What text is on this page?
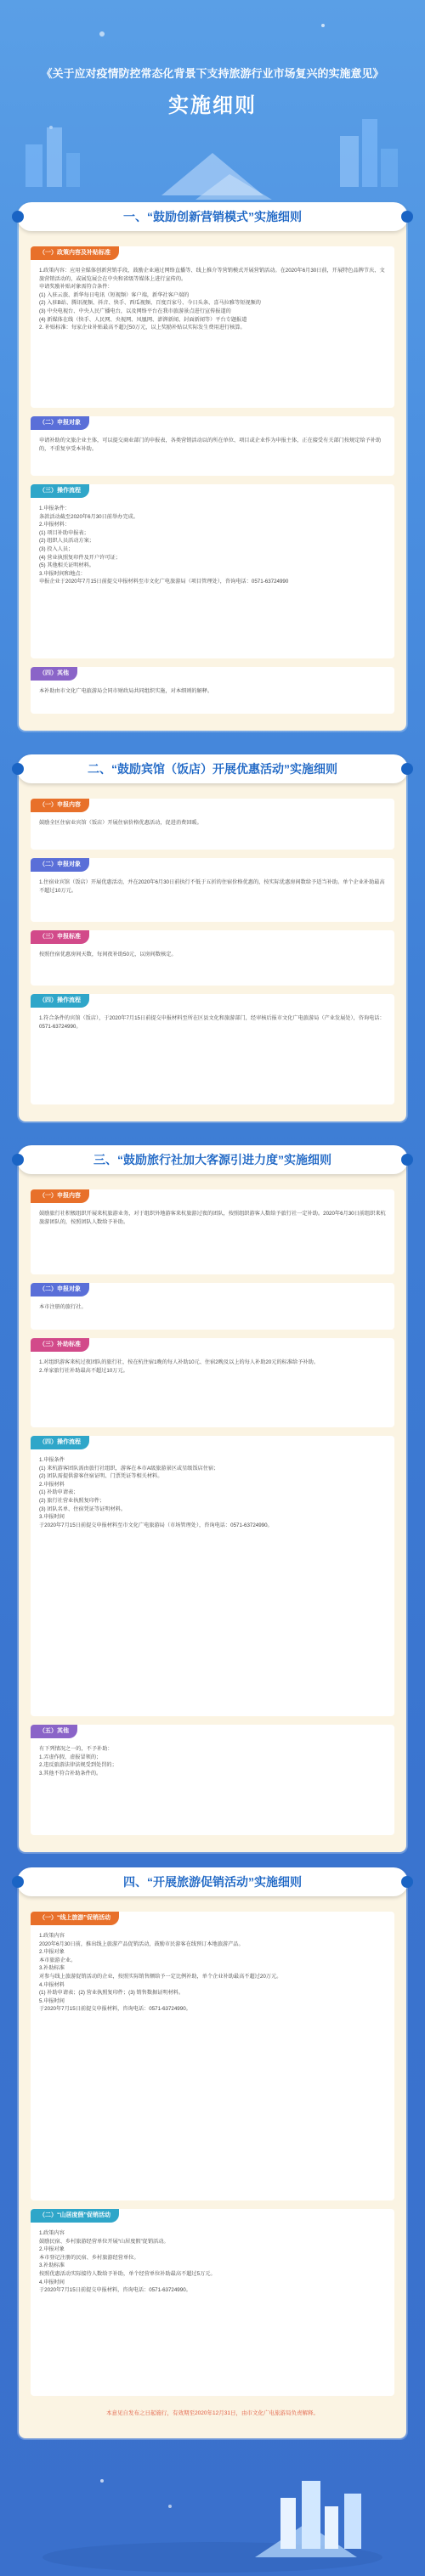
《关于应对疫情防控常态化背景下支持旅游行业市场复兴的实施意见》
实施细则
一、“鼓励创新营销模式”实施细则
（一）政策内容及补贴标准

1.政策内容：应用全媒体创新营销手段，鼓励企业通过网络直播等、线上推介等营销模式开展营销活动。在2020年6月30日前，开展特色品牌节庆、文旅营销活动的，或展览展会在中央和省级等媒体上进行宣传的。
申请奖励补贴对象需符合条件：
(1) 入驻云旅、新华每日电讯（短视频）客户端，新华社客户端的
(2) 入驻B站、腾讯视频、抖音、快手、西瓜视频、百度百家号、今日头条、喜马拉雅等短视频的
(3) 中央电视台、中央人民广播电台，以及网络平台在我市旅游景点进行宣传报道的
(4) 新媒体在线（快手、人民网、央视网、凤凰网、澎湃新闻、封面新闻等）平台专题报道
2. 补贴标准：每家企业补贴最高不超过50万元，以上奖励补贴以实际发生费用进行核算。

（二）申报对象

申请补助的文旅企业主体，可以提交商业部门的申报表，各类营销活动以的所在单位、项目或企业作为申报主体，正在接受有关部门按规定给予补助的，不重复享受本补助。

（三）操作流程

1.申报条件：
条款活动截至2020年6月30日前举办完成。
2.申报材料：
(1) 项目补助申报表；
(2) 组织人员活动方案；
(3) 投入人员；
(4) 营业执照复印件及开户许可证；
(5) 其他相关证明材料。
3.申报时间和地点：
申报企业于2020年7月15日前提交申报材料至市文化广电旅游局（项目管理处），咨询电话：0571-63724990

（四）其他

本补助由市文化广电旅游局会同市财政局共同组织实施，对本细则的解释。

二、“鼓励宾馆（饭店）开展优惠活动”实施细则
（一）申报内容

鼓励全区住宿业宾馆（饭店）开展住宿价格优惠活动，促进消费回暖。

（二）申报对象

1.住宿业宾馆（饭店）开展优惠活动，并在2020年6月30日前执行不低于五折的住宿价格优惠的，按实际优惠房间数给予适当补助。单个企业补助最高不超过10万元。

（三）申报标准

按照住宿优惠房间天数，每间夜补助50元，以房间数核定。

（四）操作流程

1.符合条件的宾馆（饭店），于2020年7月15日前提交申报材料至所在区县文化和旅游部门，经审核后报市文化广电旅游局（产业发展处），咨询电话：0571-63724990。

三、“鼓励旅行社加大客源引进力度”实施细则
（一）申报内容

鼓励旅行社积极组织开展来杭旅游业务，对于组织外地游客来杭旅游过夜的团队，按照组织游客人数给予旅行社一定补助。2020年6月30日前组织来杭旅游团队的，按照团队人数给予补助。

（二）申报对象

本市注册的旅行社。

（三）补助标准

1.对组织游客来杭过夜团队的旅行社，按在杭住宿1晚的每人补助10元、住宿2晚及以上的每人补助20元的标准给予补助。
2.单家旅行社补助最高不超过10万元。

（四）操作流程

1.申报条件
(1) 来杭游客团队需由旅行社组织，游客在本市A级旅游景区或星级饭店住宿；
(2) 团队需提供游客住宿证明、门票凭证等相关材料。
2.申报材料
(1) 补助申请表；
(2) 旅行社营业执照复印件；
(3) 团队名单、住宿凭证等证明材料。
3.申报时间
于2020年7月15日前提交申报材料至市文化广电旅游局（市场管理处），咨询电话：0571-63724990。

（五）其他

有下列情况之一的，不予补助：
1.弄虚作假、虚报冒领的；
2.违反旅游法律法规受到处罚的；
3.其他不符合补助条件的。

四、“开展旅游促销活动”实施细则
（一）“线上旅游”促销活动

1.政策内容
2020年6月30日前，推出线上旅游产品促销活动，鼓励市民游客在线预订本地旅游产品。
2.申报对象
本市旅游企业。
3.补助标准
对参与线上旅游促销活动的企业，按照实际销售额给予一定比例补助，单个企业补助最高不超过20万元。
4.申报材料
(1) 补助申请表；(2) 营业执照复印件；(3) 销售数据证明材料。
5.申报时间
于2020年7月15日前提交申报材料，咨询电话：0571-63724990。

（二）“山居度假”促销活动

1.政策内容
鼓励民宿、乡村旅游经营单位开展“山居度假”促销活动。
2.申报对象
本市登记注册的民宿、乡村旅游经营单位。
3.补助标准
按照优惠活动实际接待人数给予补助，单个经营单位补助最高不超过5万元。
4.申报时间
于2020年7月15日前提交申报材料，咨询电话：0571-63724990。

本意见自发布之日起施行，有效期至2020年12月31日，由市文化广电旅游局负责解释。
